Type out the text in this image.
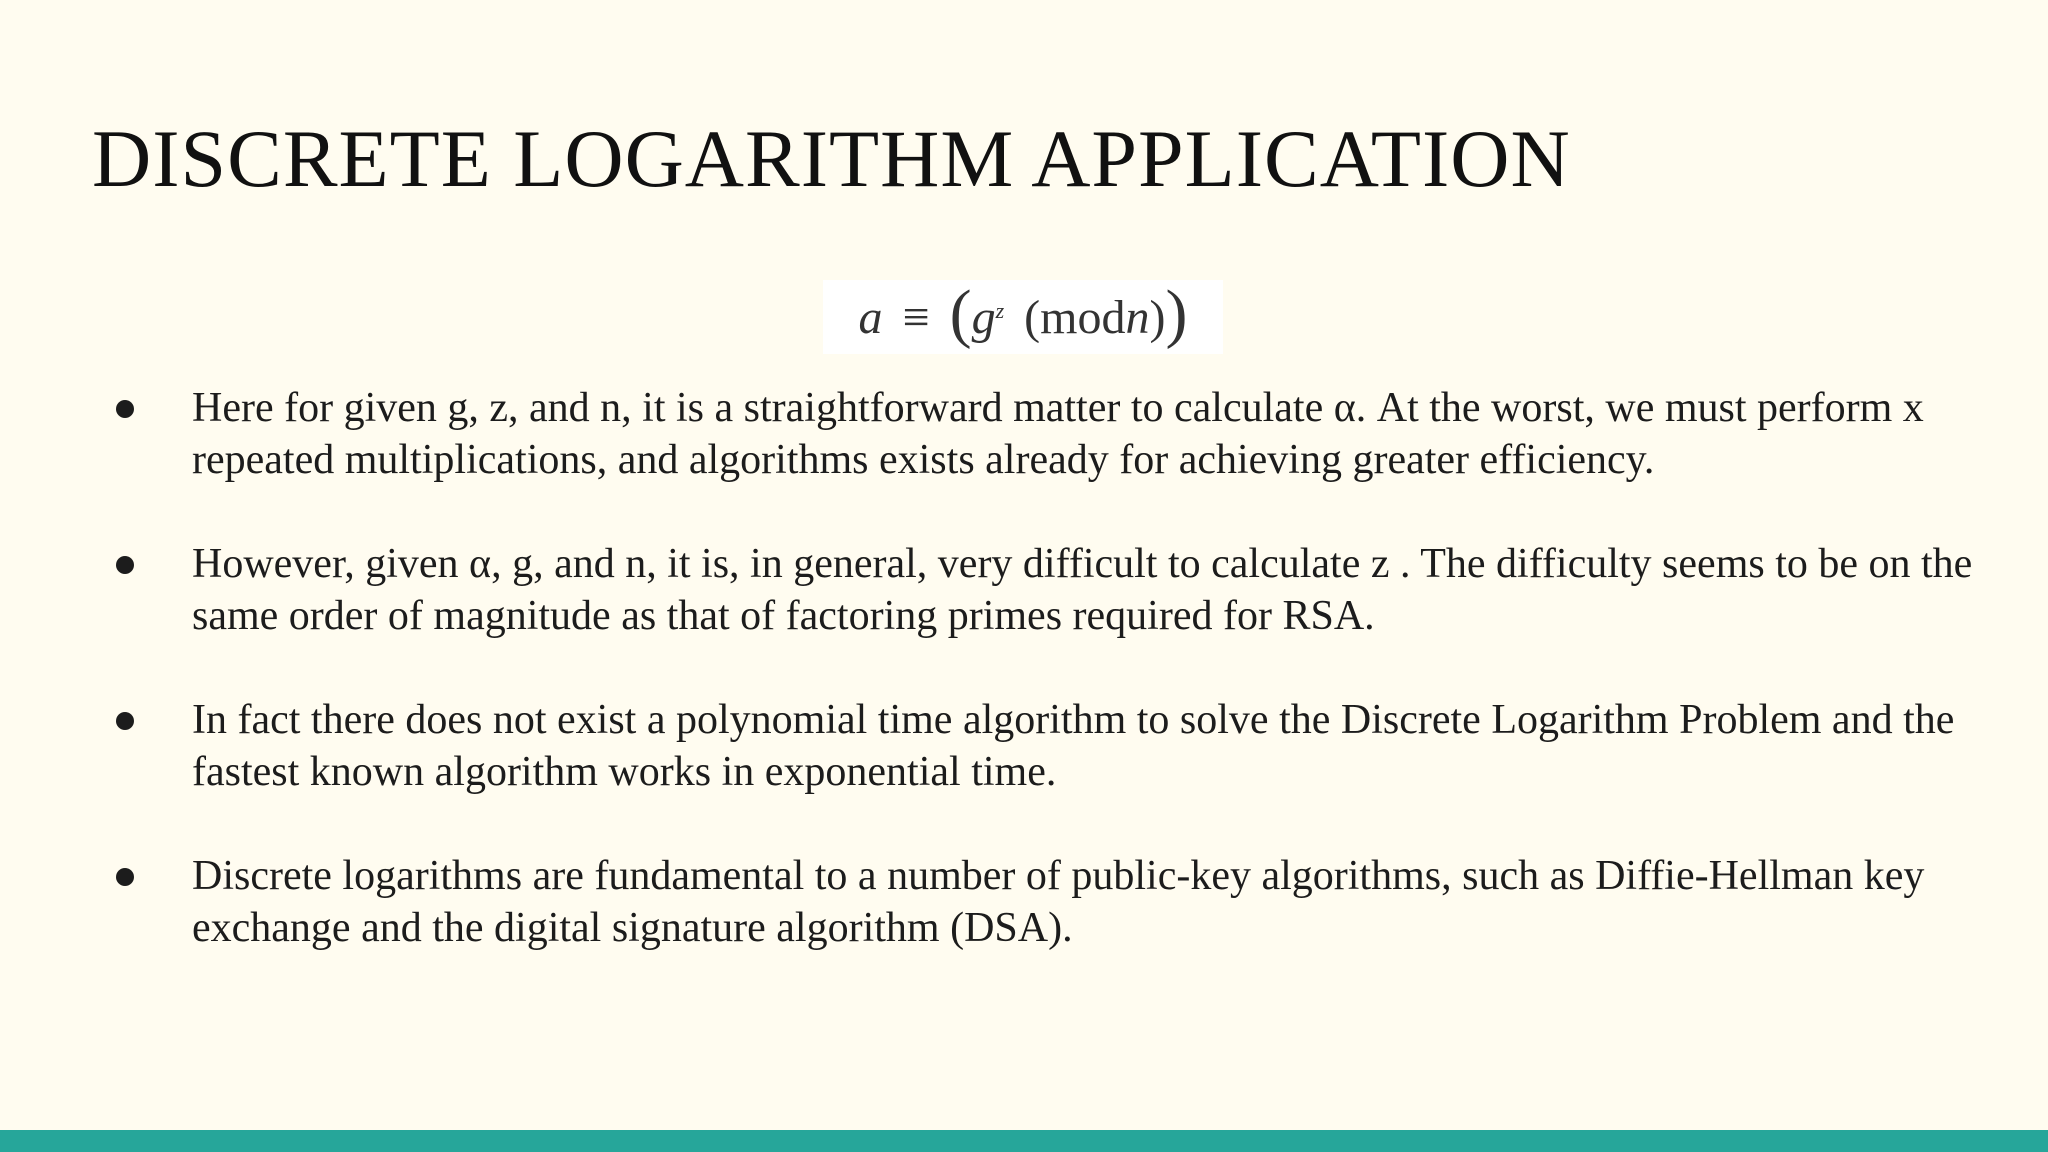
DISCRETE LOGARITHM APPLICATION
a ≡ ( $g^z$ (mod n ) )
Here for given g, z, and n, it is a straightforward matter to calculate α. At the worst, we must perform x repeated multiplications, and algorithms exists already for achieving greater efficiency.
However, given α, g, and n, it is, in general, very difficult to calculate z . The difficulty seems to be on the same order of magnitude as that of factoring primes required for RSA.
In fact there does not exist a polynomial time algorithm to solve the Discrete Logarithm Problem and the fastest known algorithm works in exponential time.
Discrete logarithms are fundamental to a number of public-key algorithms, such as Diffie-Hellman key exchange and the digital signature algorithm (DSA).
